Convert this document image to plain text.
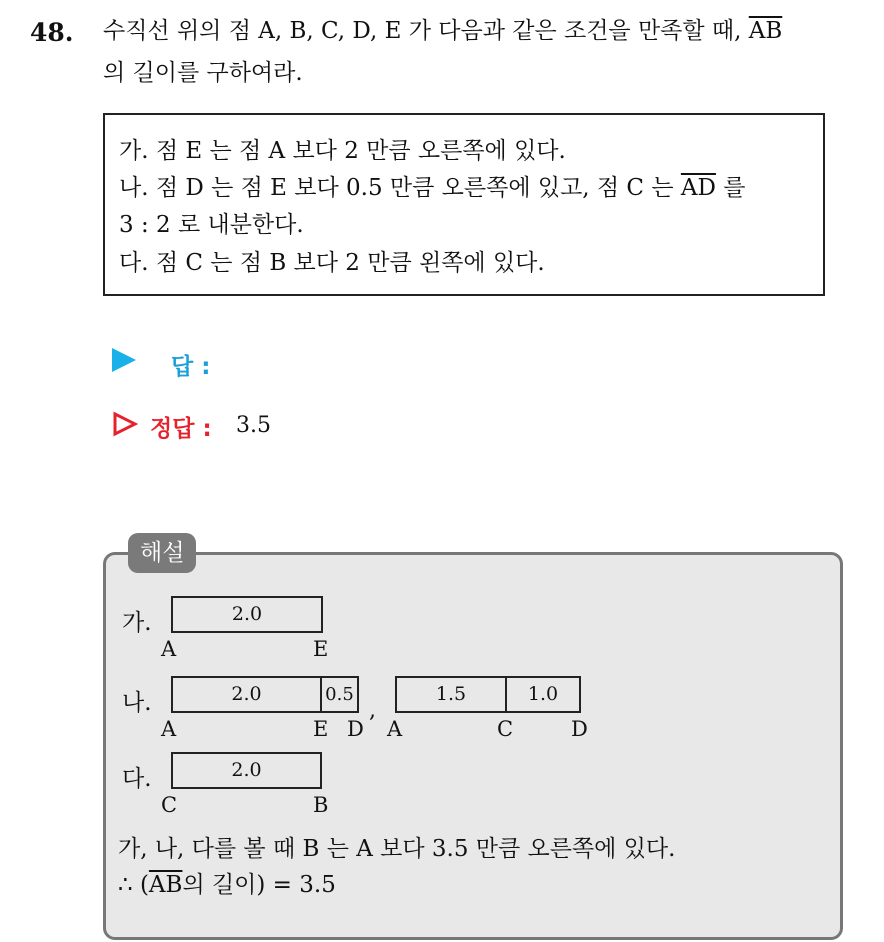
48. 수직선 위의 점 A, B, C, D, E 가 다음과 같은 조건을 만족할 때, $\overline{AB}$
의 길이를 구하여라.
가. 점 E 는 점 A 보다 2 만큼 오른쪽에 있다.
나. 점 D 는 점 E 보다 0.5 만큼 오른쪽에 있고, 점 C 는 $\overline{AD}$ 를
3 : 2 로 내분한다.
다. 점 C 는 점 B 보다 2 만큼 왼쪽에 있다.
답 :
정답 : 3.5
해설
가.	2.0
A	E
나.	2.0	0.5
A	E D
,
1.5	1.0
A	C	D
다.	2.0
C	B
가, 나, 다를 볼 때 B 는 A 보다 3.5 만큼 오른쪽에 있다.
∴ ($\overline{AB}$의 길이) = 3.5
